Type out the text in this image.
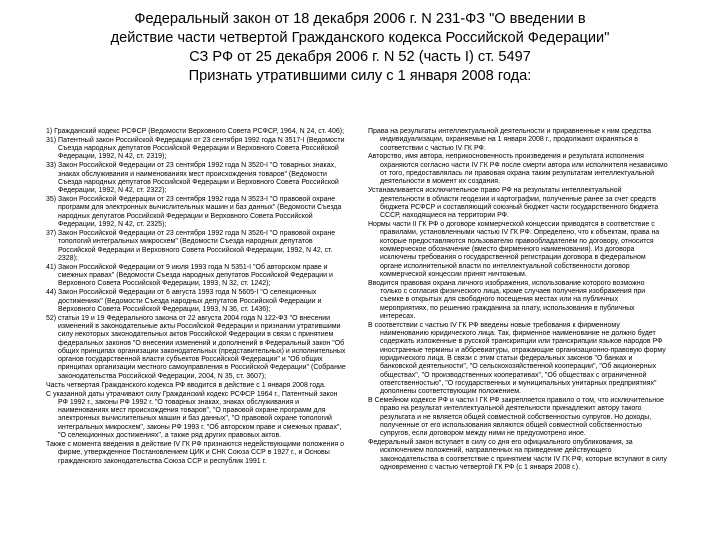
Федеральный закон от 18 декабря 2006 г. N 231-ФЗ "О введении в
действие части четвертой Гражданского кодекса Российской Федерации"
СЗ РФ от 25 декабря 2006 г. N 52 (часть I) ст. 5497
Признать утратившими силу с 1 января 2008 года:

1) Гражданский кодекс РСФСР (Ведомости Верховного Совета РСФСР, 1964, N 24, ст. 406);

31) Патентный закон Российской Федерации от 23 сентября 1992 года N 3517-I (Ведомости Съезда народных депутатов Российской Федерации и Верховного Совета Российской Федерации, 1992, N 42, ст. 2319);

33) Закон Российской Федерации от 23 сентября 1992 года N 3520-I "О товарных знаках, знаках обслуживания и наименованиях мест происхождения товаров" (Ведомости Съезда народных депутатов Российской Федерации и Верховного Совета Российской Федерации, 1992, N 42, ст. 2322);

35) Закон Российской Федерации от 23 сентября 1992 года N 3523-I "О правовой охране программ для электронных вычислительных машин и баз данных" (Ведомости Съезда народных депутатов Российской Федерации и Верховного Совета Российской Федерации, 1992, N 42, ст. 2325);

37) Закон Российской Федерации от 23 сентября 1992 года N 3526-I "О правовой охране топологий интегральных микросхем" (Ведомости Съезда народных депутатов Российской Федерации и Верховного Совета Российской Федерации, 1992, N 42, ст. 2328);

41) Закон Российской Федерации от 9 июля 1993 года N 5351-I "Об авторском праве и смежных правах" (Ведомости Съезда народных депутатов Российской Федерации и Верховного Совета Российской Федерации, 1993, N 32, ст. 1242);

44) Закон Российской Федерации от 6 августа 1993 года N 5605-I "О селекционных достижениях" (Ведомости Съезда народных депутатов Российской Федерации и Верховного Совета Российской Федерации, 1993, N 36, ст. 1436);

52) статьи 19 и 19 Федерального закона от 22 августа 2004 года N 122-ФЗ "О внесении изменений в законодательные акты Российской Федерации и признании утратившими силу некоторых законодательных актов Российской Федерации в связи с принятием федеральных законов "О внесении изменений и дополнений в Федеральный закон "Об общих принципах организации законодательных (представительных) и исполнительных органов государственной власти субъектов Российской Федерации" и "Об общих принципах организации местного самоуправления в Российской Федерации" (Собрание законодательства Российской Федерации, 2004, N 35, ст. 3607);

Часть четвертая Гражданского кодекса РФ вводится в действие с 1 января 2008 года.

С указанной даты утрачивают силу Гражданский кодекс РСФСР 1964 г., Патентный закон РФ 1992 г., законы РФ 1992 г. "О товарных знаках, знаках обслуживания и наименованиях мест происхождения товаров", "О правовой охране программ для электронных вычислительных машин и баз данных", "О правовой охране топологий интегральных микросхем", законы РФ 1993 г. "Об авторском праве и смежных правах", "О селекционных достижениях", а также ряд других правовых актов.

Также с момента введения в действие IV ГК РФ признаются недействующими положения о фирме, утвержденное Постановлением ЦИК и СНК Союза ССР в 1927 г., и Основы гражданского законодательства Союза ССР и республик 1991 г.

Права на результаты интеллектуальной деятельности и приравненные к ним средства индивидуализации, охраняемые на 1 января 2008 г., продолжают охраняться в соответствии с частью IV ГК РФ.

Авторство, имя автора, неприкосновенность произведения и результата исполнения охраняются согласно части IV ГК РФ после смерти автора или исполнителя независимо от того, предоставлялась ли правовая охрана таким результатам интеллектуальной деятельности в момент их создания.

Устанавливается исключительное право РФ на результаты интеллектуальной деятельности в области геодезии и картографии, полученные ранее за счет средств бюджета РСФСР и составляющий союзный бюджет части государственного бюджета СССР, находящиеся на территории РФ.

Нормы части II ГК РФ о договоре коммерческой концессии приводятся в соответствие с правилами, установленными частью IV ГК РФ. Определено, что к объектам, права на которые предоставляются пользователю правообладателем по договору, относится коммерческое обозначение (вместо фирменного наименования). Из договора исключены требования о государственной регистрации договора в федеральном органе исполнительной власти по интеллектуальной собственности договор коммерческой концессии принят ничтожным.

Вводится правовая охрана личного изображения, использование которого возможно только с согласия физического лица, кроме случаев получения изображения при съемке в открытых для свободного посещения местах или на публичных мероприятиях, по решению гражданина за плату, использования в публичных интересах.

В соответствии с частью IV ГК РФ введены новые требования к фирменному наименованию юридического лица. Так, фирменное наименование не должно будет содержать изложенные в русской транскрипции или транскрипции языков народов РФ иностранные термины и аббревиатуры, отражающие организационно-правовую форму юридического лица. В связи с этим статьи федеральных законов "О банках и банковской деятельности", "О сельскохозяйственной кооперации", "Об акционерных обществах", "О производственных кооперативах", "Об обществах с ограниченной ответственностью", "О государственных и муниципальных унитарных предприятиях" дополнены соответствующим положением.

В Семейном кодексе РФ и части I ГК РФ закрепляется правило о том, что исключительное право на результат интеллектуальной деятельности принадлежит автору такого результата и не является общей совместной собственностью супругов. Но доходы, полученные от его использования являются общей совместной собственностью супругов, если договором между ними не предусмотрено иное.

Федеральный закон вступает в силу со дня его официального опубликования, за исключением положений, направленных на приведение действующего законодательства в соответствие с принятием части IV ГК РФ, которые вступают в силу одновременно с частью четвертой ГК РФ (с 1 января 2008 г.).
